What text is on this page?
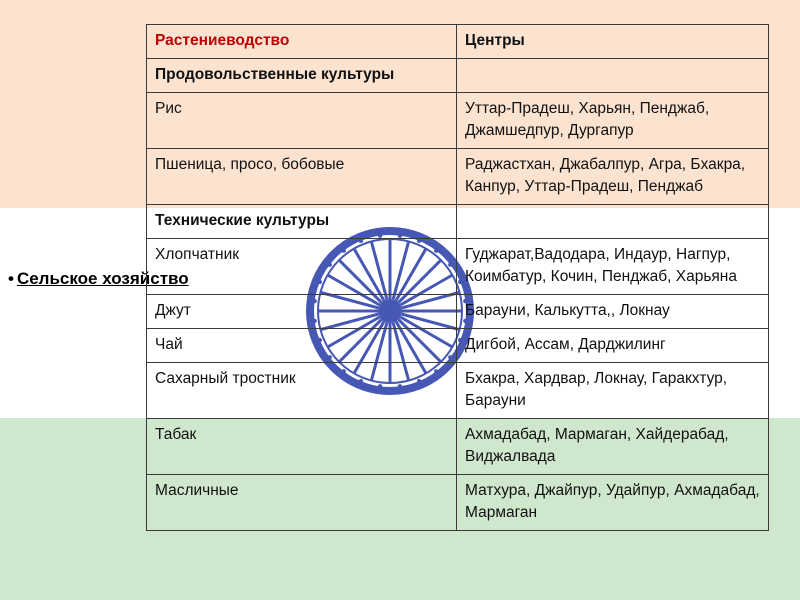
• Сельское хозяйство
Растениеводство	Центры
Продовольственные культуры	
Рис	Уттар-Прадеш, Харьян, Пенджаб, Джамшедпур, Дургапур
Пшеница, просо, бобовые	Раджастхан, Джабалпур, Агра, Бхакра, Канпур, Уттар-Прадеш, Пенджаб
Технические культуры	
Хлопчатник	Гуджарат,Вадодара, Индаур, Нагпур, Коимбатур, Кочин, Пенджаб, Харьяна
Джут	Барауни, Калькутта,, Локнау
Чай	Дигбой, Ассам, Дарджилинг
Сахарный тростник	Бхакра, Хардвар, Локнау, Гаракхтур, Барауни
Табак	Ахмадабад, Мармаган, Хайдерабад, Виджалвада
Масличные	Матхура, Джайпур, Удайпур, Ахмадабад, Мармаган
